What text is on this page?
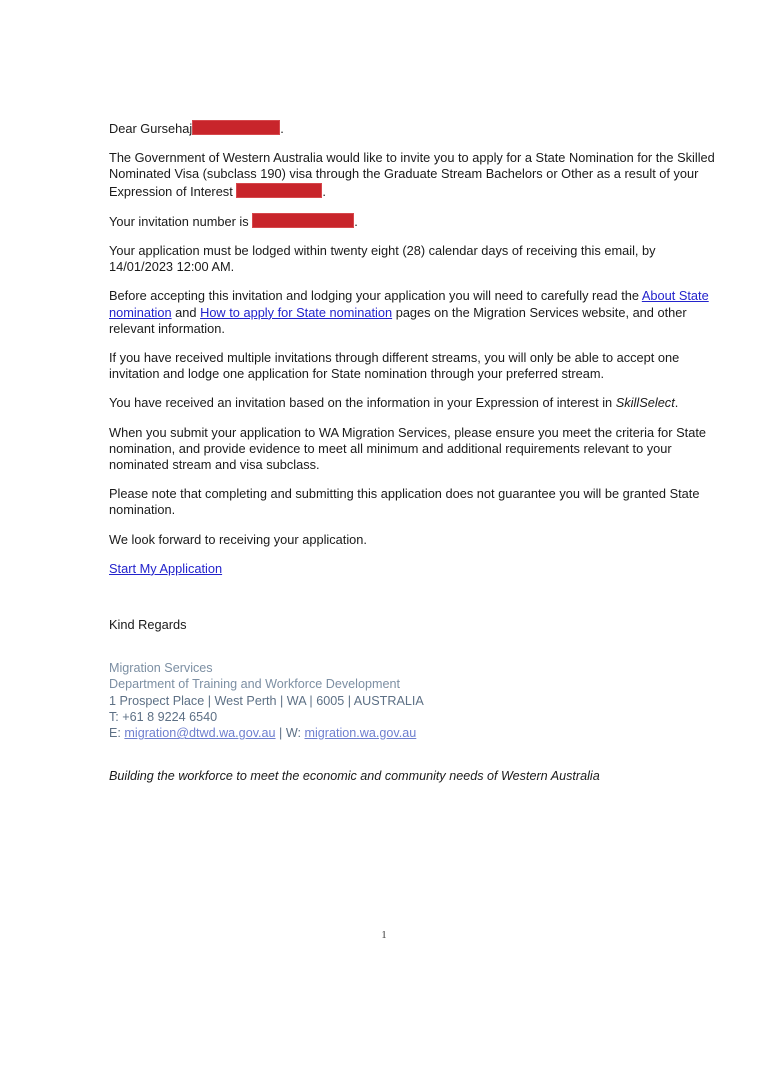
Dear Gursehaj	.

The Government of Western Australia would like to invite you to apply for a State Nomination for the Skilled Nominated Visa (subclass 190) visa through the Graduate Stream Bachelors or Other as a result of your Expression of Interest	.

Your invitation number is	.

Your application must be lodged within twenty eight (28) calendar days of receiving this email, by 14/01/2023 12:00 AM.

Before accepting this invitation and lodging your application you will need to carefully read the About State nomination and How to apply for State nomination pages on the Migration Services website, and other relevant information.

If you have received multiple invitations through different streams, you will only be able to accept one invitation and lodge one application for State nomination through your preferred stream.

You have received an invitation based on the information in your Expression of interest in SkillSelect.

When you submit your application to WA Migration Services, please ensure you meet the criteria for State nomination, and provide evidence to meet all minimum and additional requirements relevant to your nominated stream and visa subclass.

Please note that completing and submitting this application does not guarantee you will be granted State nomination.

We look forward to receiving your application.

Start My Application

Kind Regards

Migration Services
Department of Training and Workforce Development
1 Prospect Place | West Perth | WA | 6005 | AUSTRALIA
T: +61 8 9224 6540
E: migration@dtwd.wa.gov.au | W: migration.wa.gov.au

Building the workforce to meet the economic and community needs of Western Australia

1
